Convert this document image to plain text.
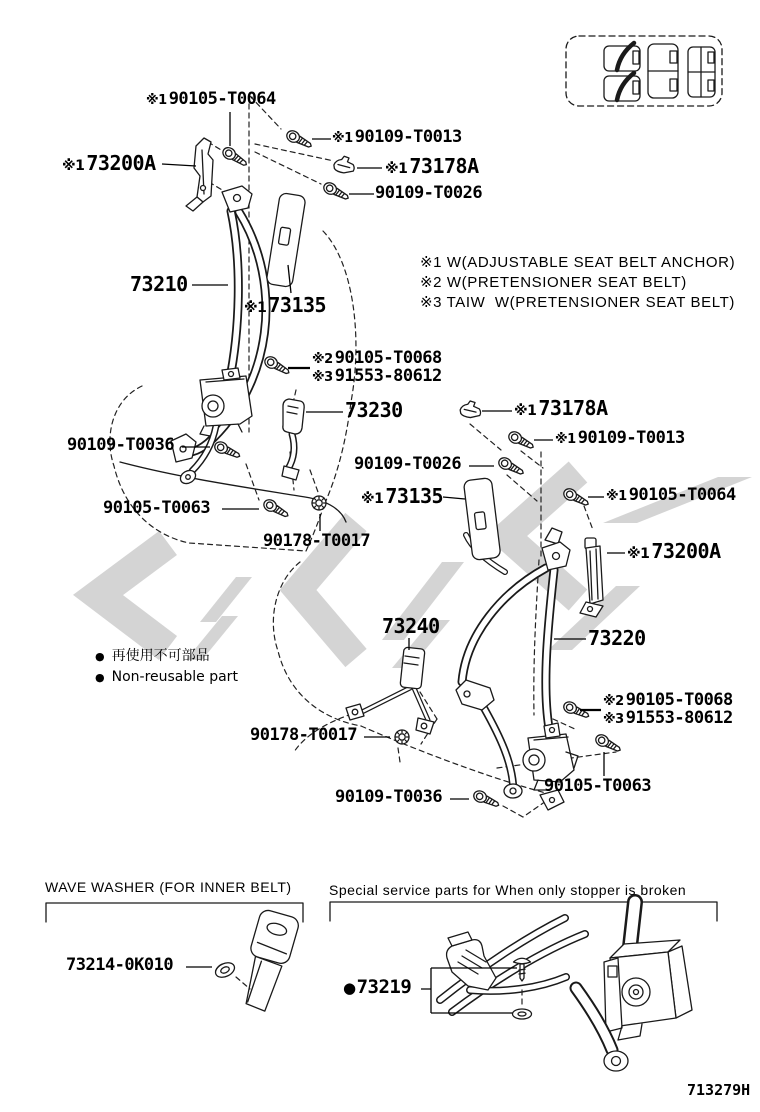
※1 90105-T0064
※1 90109-T0013
※1 73200A	※1 73178A
90109-T0026
73210
※1 73135
※1 W(ADJUSTABLE SEAT BELT ANCHOR)
※2 W(PRETENSIONER SEAT BELT)
※3 TAIW  W(PRETENSIONER SEAT BELT)
※2 90105-T0068
※3 91553-80612
73230
90109-T0036
90105-T0063
90178-T0017
※1 73178A
※1 90109-T0013
90109-T0026
※1 73135	※1 90105-T0064
※1 73200A
73240	73220
※2 90105-T0068
※3 91553-80612
90178-T0017
90109-T0036
90105-T0063
● 再使用不可部品
● Non-reusable part
WAVE WASHER (FOR INNER BELT)	Special service parts for When only stopper is broken
73214-0K010
●73219
713279H
